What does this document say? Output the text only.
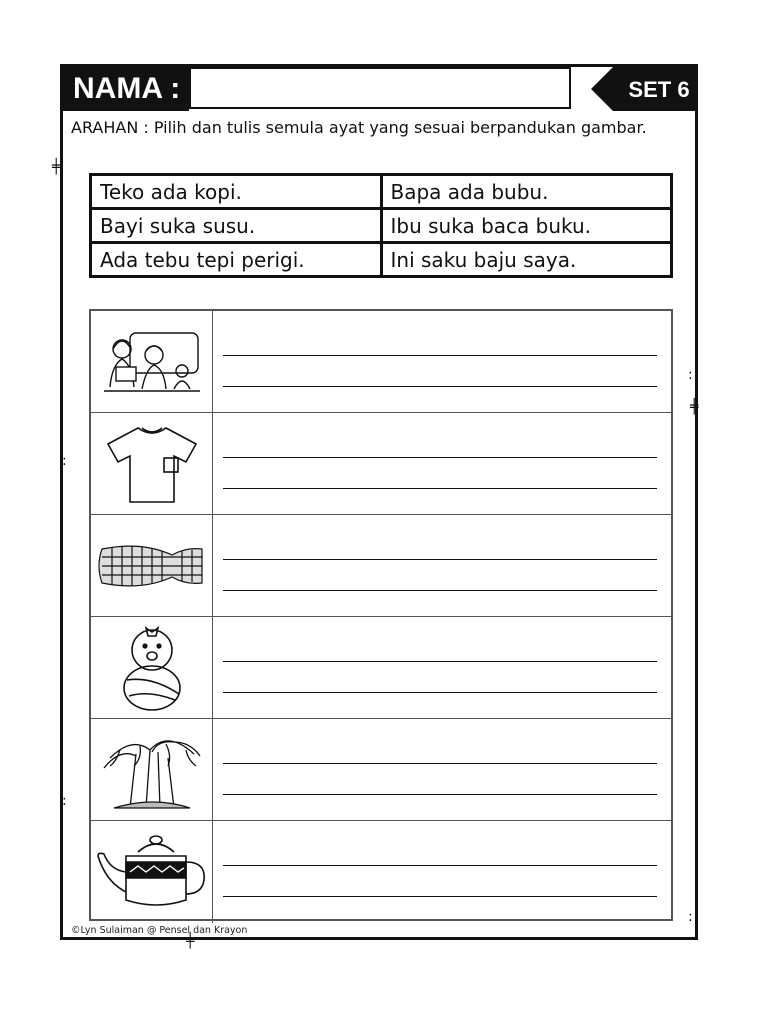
NAMA :	SET 6
ARAHAN : Pilih dan tulis semula ayat yang sesuai berpandukan gambar.
Teko ada kopi.	Bapa ada bubu.
Bayi suka susu.	Ibu suka baca buku.
Ada tebu tepi perigi.	Ini saku baju saya.
©Lyn Sulaiman @ Pensel dan Krayon
╪
╪
:
:
:
:
╪
